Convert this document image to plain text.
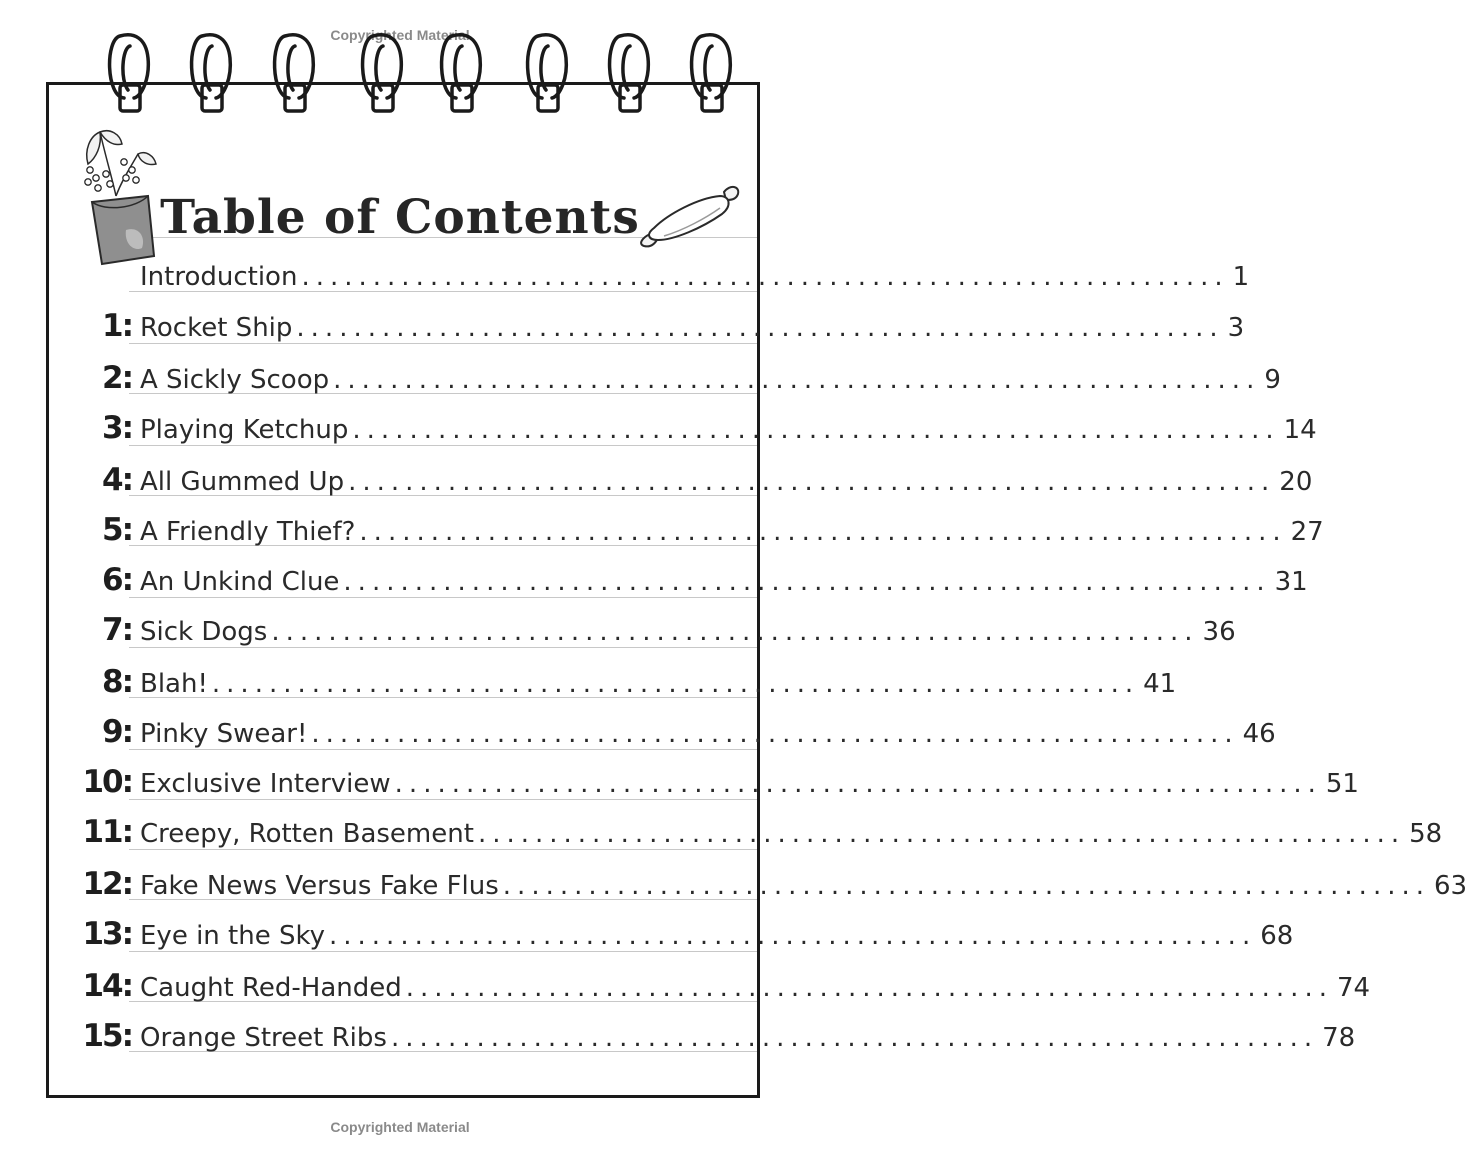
Copyrighted Material
Table of Contents
Introduction ................................................................. 1
1: Rocket Ship ................................................................. 3
2: A Sickly Scoop ................................................................. 9
3: Playing Ketchup ................................................................. 14
4: All Gummed Up ................................................................. 20
5: A Friendly Thief? ................................................................. 27
6: An Unkind Clue ................................................................. 31
7: Sick Dogs ................................................................. 36
8: Blah! ................................................................. 41
9: Pinky Swear! ................................................................. 46
10: Exclusive Interview ................................................................. 51
11: Creepy, Rotten Basement ................................................................. 58
12: Fake News Versus Fake Flus ................................................................. 63
13: Eye in the Sky ................................................................. 68
14: Caught Red-Handed ................................................................. 74
15: Orange Street Ribs ................................................................. 78
Copyrighted Material
